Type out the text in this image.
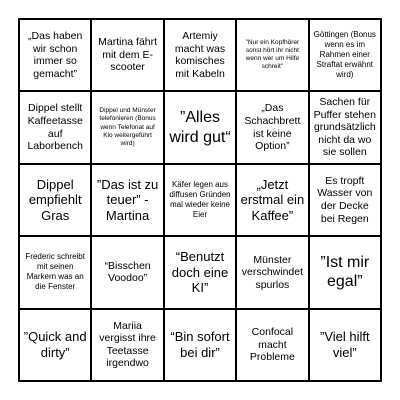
„Das haben wir schon immer so gemacht”
Martina fährt mit dem E-scooter
Artemiy macht was komisches mit Kabeln
"Nur ein Kopfhörer sonst hört ihr nicht wenn wer um Hilfe schreit"
Göttingen (Bonus wenn es im Rahmen einer Straftat erwähnt wird)
Dippel stellt Kaffeetasse auf Laborbench
Dippel und Münster telefonieren (Bonus wenn Telefonat auf Klo weitergeführt wird)
”Alles wird gut“
„Das Schachbrett ist keine Option”
Sachen für Puffer stehen grundsätzlich nicht da wo sie sollen
Dippel empfiehlt Gras
”Das ist zu teuer” -Martina
Käfer legen aus diffusen Gründen mal wieder keine Eier
„Jetzt erstmal ein Kaffee”
Es tropft Wasser von der Decke bei Regen
Frederic schreibt mit seinen Markern was an die Fenster
“Bisschen Voodoo”
“Benutzt doch eine KI”
Münster verschwindet spurlos
”Ist mir egal”
”Quick and dirty”
Mariia vergisst ihre Teetasse irgendwo
“Bin sofort bei dir”
Confocal macht Probleme
”Viel hilft viel”
